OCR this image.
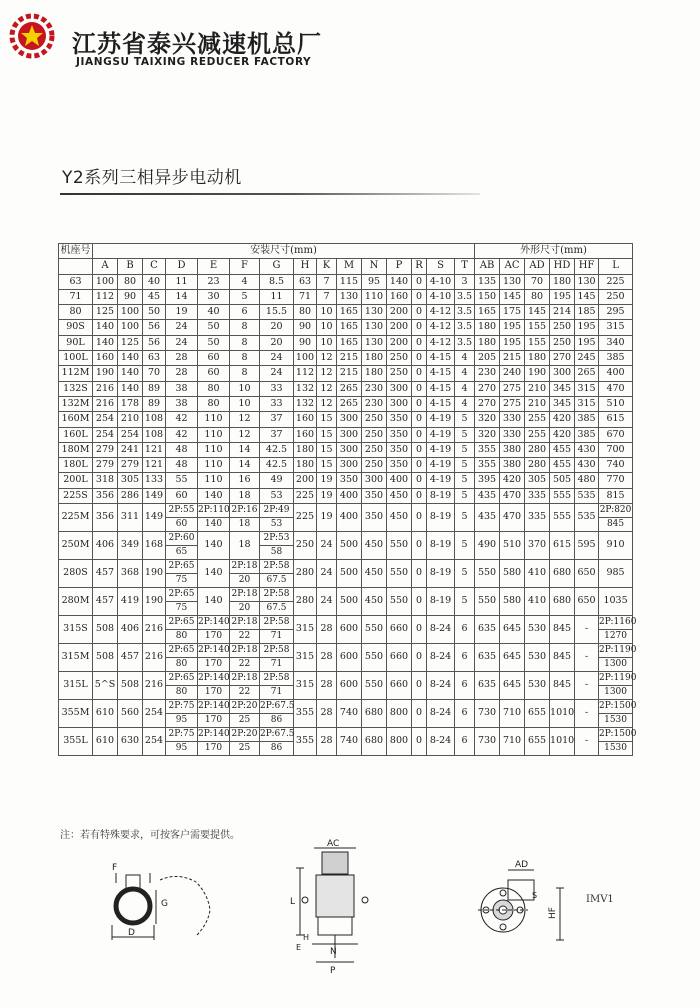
江苏省泰兴减速机总厂
JIANGSU TAIXING REDUCER FACTORY
Y2系列三相异步电动机
机座号	安装尺寸(mm)															外形尺寸(mm)					
	A	B	C	D	E	F	G	H	K	M	N	P	R	S	T	AB	AC	AD	HD	HF	L
63	100	80	40	11	23	4	8.5	63	7	115	95	140	0	4-10	3	135	130	70	180	130	225
71	112	90	45	14	30	5	11	71	7	130	110	160	0	4-10	3.5	150	145	80	195	145	250
80	125	100	50	19	40	6	15.5	80	10	165	130	200	0	4-12	3.5	165	175	145	214	185	295
90S	140	100	56	24	50	8	20	90	10	165	130	200	0	4-12	3.5	180	195	155	250	195	315
90L	140	125	56	24	50	8	20	90	10	165	130	200	0	4-12	3.5	180	195	155	250	195	340
100L	160	140	63	28	60	8	24	100	12	215	180	250	0	4-15	4	205	215	180	270	245	385
112M	190	140	70	28	60	8	24	112	12	215	180	250	0	4-15	4	230	240	190	300	265	400
132S	216	140	89	38	80	10	33	132	12	265	230	300	0	4-15	4	270	275	210	345	315	470
132M	216	178	89	38	80	10	33	132	12	265	230	300	0	4-15	4	270	275	210	345	315	510
160M	254	210	108	42	110	12	37	160	15	300	250	350	0	4-19	5	320	330	255	420	385	615
160L	254	254	108	42	110	12	37	160	15	300	250	350	0	4-19	5	320	330	255	420	385	670
180M	279	241	121	48	110	14	42.5	180	15	300	250	350	0	4-19	5	355	380	280	455	430	700
180L	279	279	121	48	110	14	42.5	180	15	300	250	350	0	4-19	5	355	380	280	455	430	740
200L	318	305	133	55	110	16	49	200	19	350	300	400	0	4-19	5	395	420	305	505	480	770
225S	356	286	149	60	140	18	53	225	19	400	350	450	0	8-19	5	435	470	335	555	535	815
225M	356	311	149	2P:55	2P:110	2P:16	2P:49	225	19	400	350	450	0	8-19	5	435	470	335	555	535	2P:820
				60	140	18	53														845
250M	406	349	168	2P:60	140	18	2P:53	250	24	500	450	550	0	8-19	5	490	510	370	615	595	910
				65			58														
280S	457	368	190	2P:65	140	2P:18	2P:58	280	24	500	450	550	0	8-19	5	550	580	410	680	650	985
				75		20	67.5														
280M	457	419	190	2P:65	140	2P:18	2P:58	280	24	500	450	550	0	8-19	5	550	580	410	680	650	1035
				75		20	67.5														
315S	508	406	216	2P:65	2P:140	2P:18	2P:58	315	28	600	550	660	0	8-24	6	635	645	530	845	-	2P:1160
				80	170	22	71														1270
315M	508	457	216	2P:65	2P:140	2P:18	2P:58	315	28	600	550	660	0	8-24	6	635	645	530	845	-	2P:1190
				80	170	22	71														1300
315L	5^S	508	216	2P:65	2P:140	2P:18	2P:58	315	28	600	550	660	0	8-24	6	635	645	530	845	-	2P:1190
				80	170	22	71														1300
355M	610	560	254	2P:75	2P:140	2P:20	2P:67.5	355	28	740	680	800	0	8-24	6	730	710	655	1010	-	2P:1500
				95	170	25	86														1530
355L	610	630	254	2P:75	2P:140	2P:20	2P:67.5	355	28	740	680	800	0	8-24	6	730	710	655	1010	-	2P:1500
				95	170	25	86														1530
注：若有特殊要求，可按客户需要提供。
F
G
D
AC
L
H
E	N
P
AD
HF
S	IMV1
